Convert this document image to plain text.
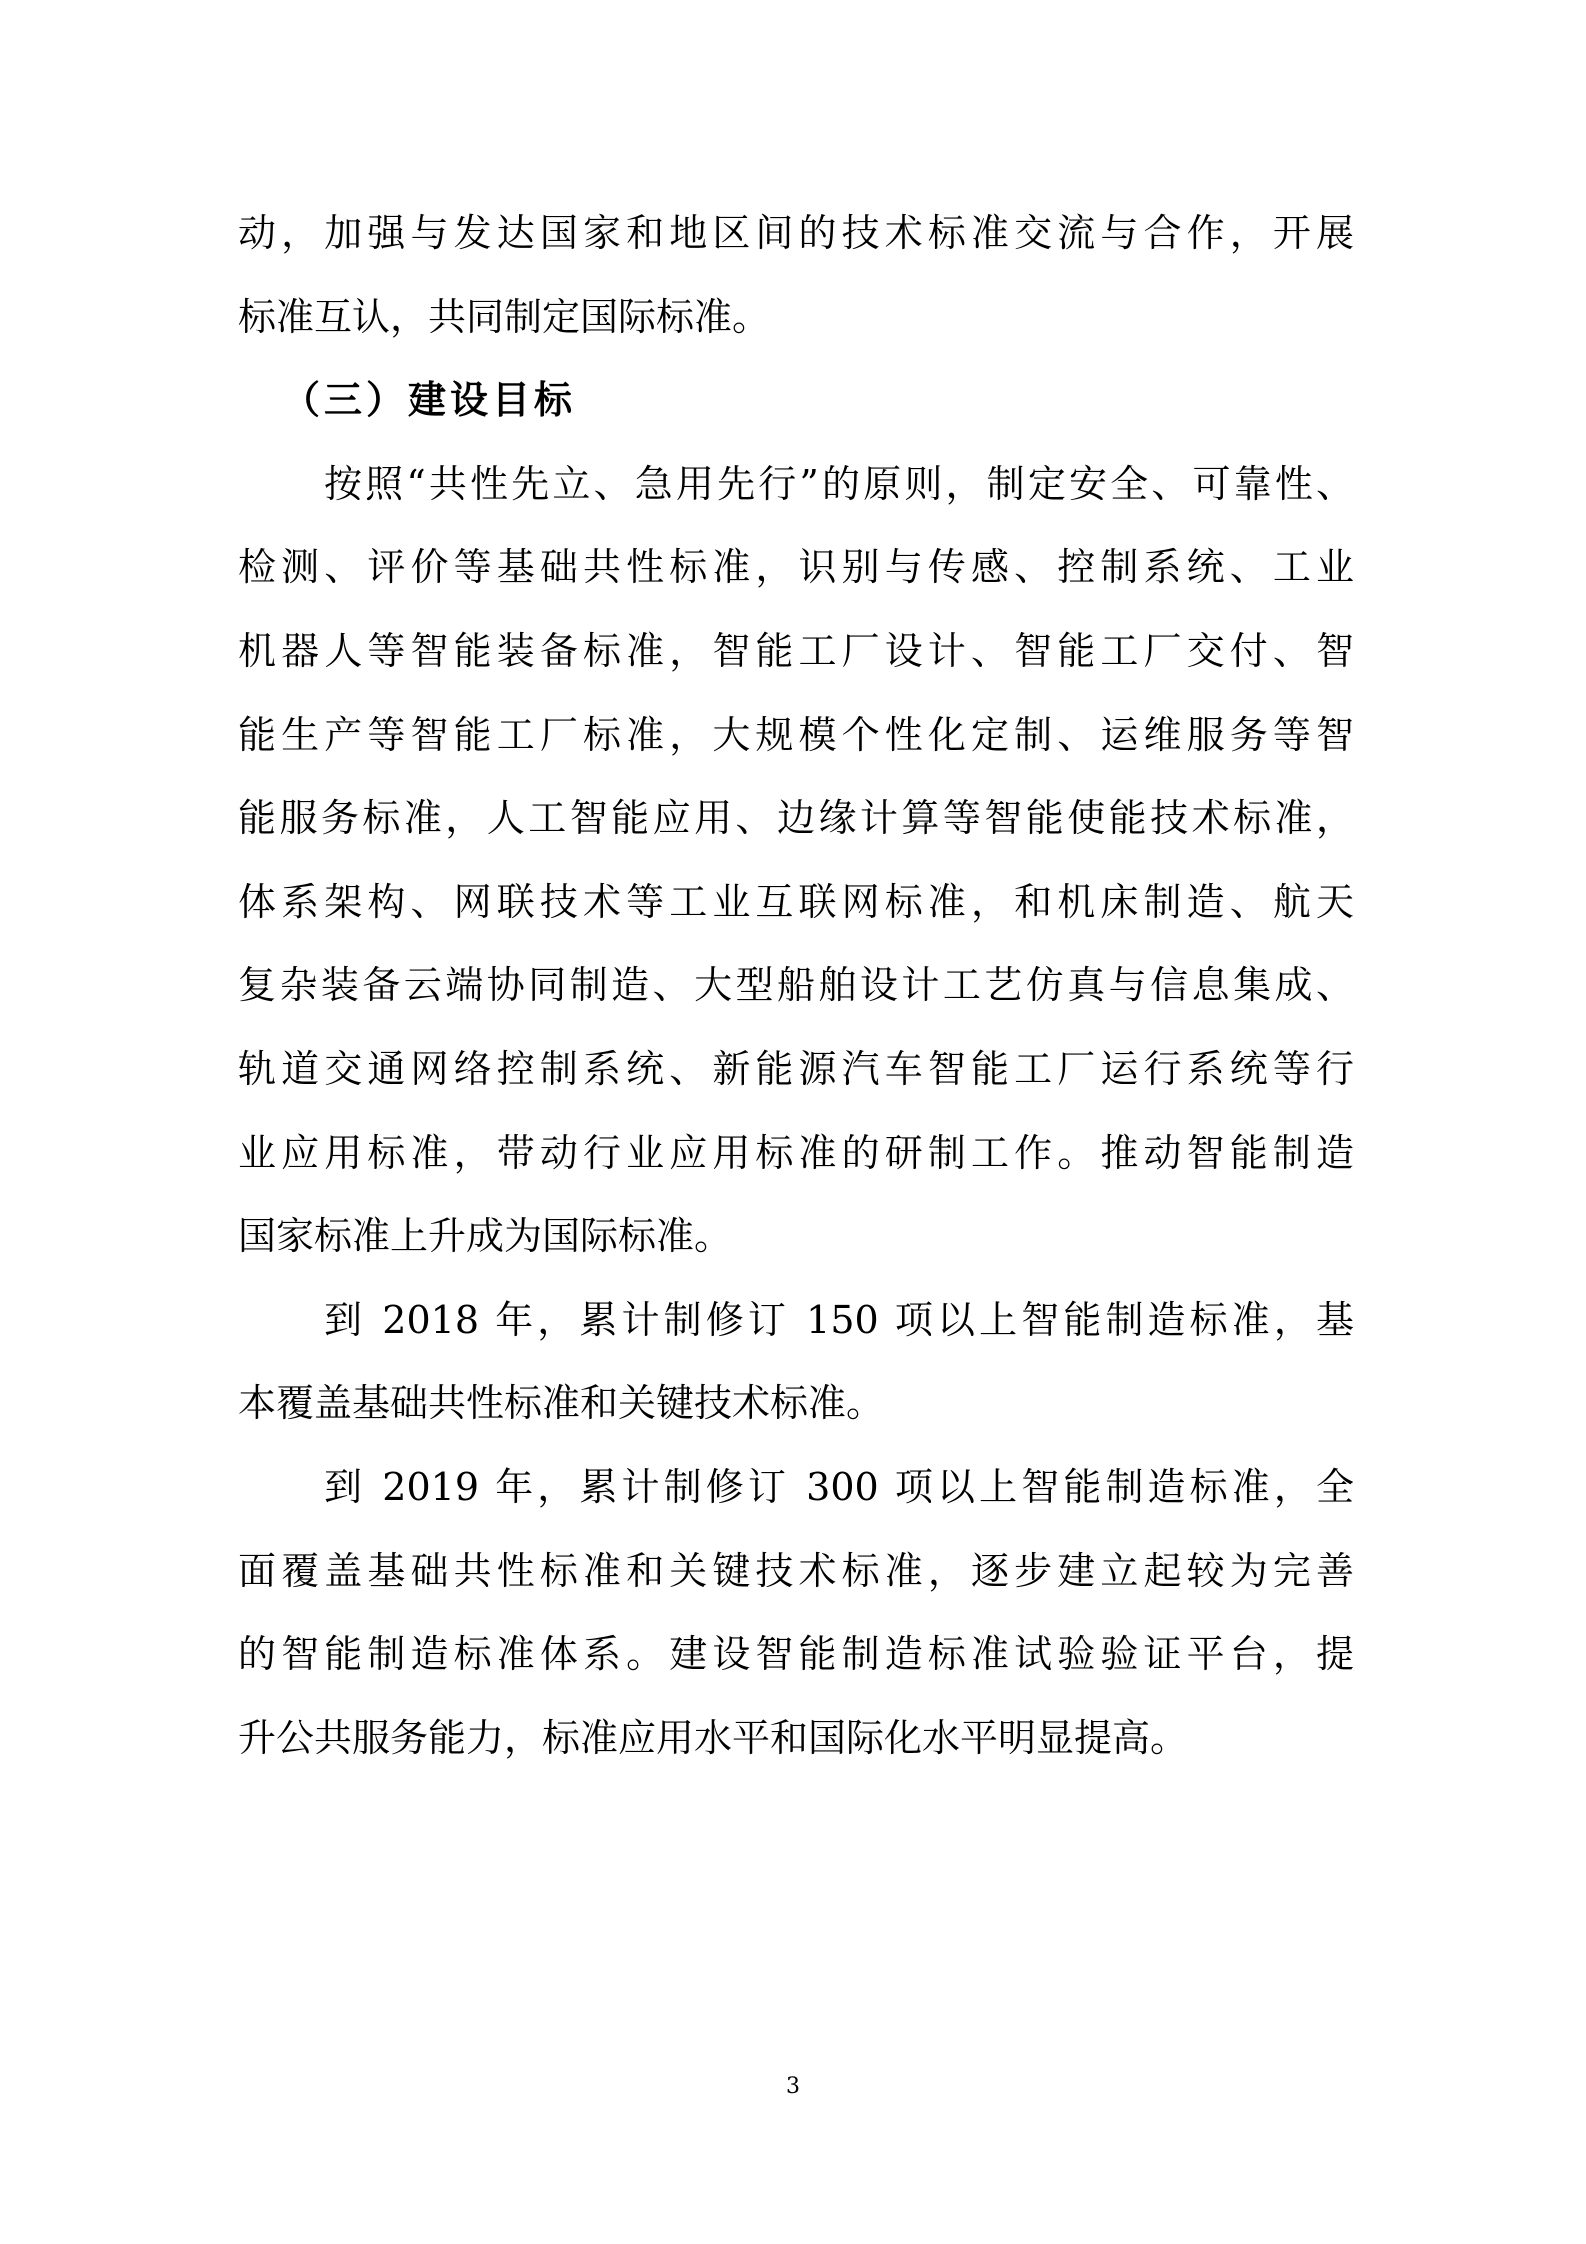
动，加强与发达国家和地区间的技术标准交流与合作，开展
标准互认，共同制定国际标准。
（三）建设目标
按照“共性先立、急用先行”的原则，制定安全、可靠性、
检测、评价等基础共性标准，识别与传感、控制系统、工业
机器人等智能装备标准，智能工厂设计、智能工厂交付、智
能生产等智能工厂标准，大规模个性化定制、运维服务等智
能服务标准，人工智能应用、边缘计算等智能使能技术标准，
体系架构、网联技术等工业互联网标准，和机床制造、航天
复杂装备云端协同制造、大型船舶设计工艺仿真与信息集成、
轨道交通网络控制系统、新能源汽车智能工厂运行系统等行
业应用标准，带动行业应用标准的研制工作。推动智能制造
国家标准上升成为国际标准。
到 2018 年，累计制修订 150 项以上智能制造标准，基
本覆盖基础共性标准和关键技术标准。
到 2019 年，累计制修订 300 项以上智能制造标准，全
面覆盖基础共性标准和关键技术标准，逐步建立起较为完善
的智能制造标准体系。建设智能制造标准试验验证平台，提
升公共服务能力，标准应用水平和国际化水平明显提高。
3
